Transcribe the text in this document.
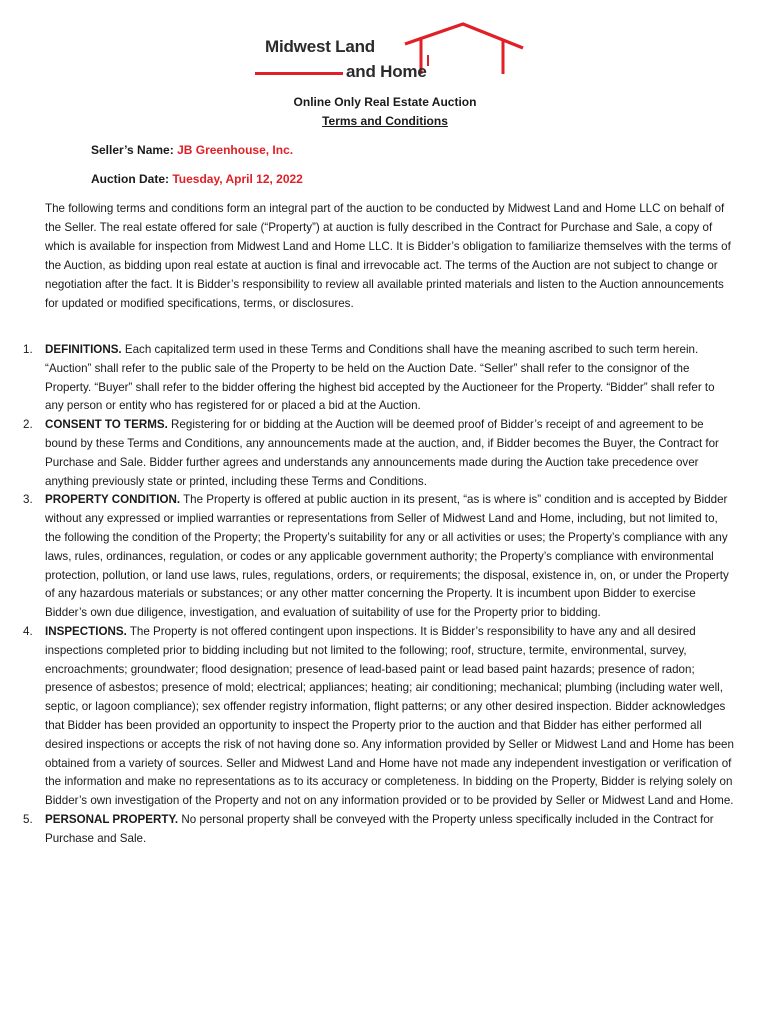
Midwest Land
and Home
Online Only Real Estate Auction
Terms and Conditions
Seller’s Name: JB Greenhouse, Inc.
Auction Date: Tuesday, April 12, 2022

The following terms and conditions form an integral part of the auction to be conducted by Midwest Land and Home LLC on behalf of the Seller. The real estate offered for sale (“Property”) at auction is fully described in the Contract for Purchase and Sale, a copy of which is available for inspection from Midwest Land and Home LLC. It is Bidder’s obligation to familiarize themselves with the terms of the Auction, as bidding upon real estate at auction is final and irrevocable act. The terms of the Auction are not subject to change or negotiation after the fact. It is Bidder’s responsibility to review all available printed materials and listen to the Auction announcements for updated or modified specifications, terms, or disclosures.

1. DEFINITIONS. Each capitalized term used in these Terms and Conditions shall have the meaning ascribed to such term herein. “Auction” shall refer to the public sale of the Property to be held on the Auction Date. “Seller” shall refer to the consignor of the Property. “Buyer” shall refer to the bidder offering the highest bid accepted by the Auctioneer for the Property. “Bidder” shall refer to any person or entity who has registered for or placed a bid at the Auction.
2. CONSENT TO TERMS. Registering for or bidding at the Auction will be deemed proof of Bidder’s receipt of and agreement to be bound by these Terms and Conditions, any announcements made at the auction, and, if Bidder becomes the Buyer, the Contract for Purchase and Sale. Bidder further agrees and understands any announcements made during the Auction take precedence over anything previously state or printed, including these Terms and Conditions.
3. PROPERTY CONDITION. The Property is offered at public auction in its present, “as is where is” condition and is accepted by Bidder without any expressed or implied warranties or representations from Seller of Midwest Land and Home, including, but not limited to, the following the condition of the Property; the Property’s suitability for any or all activities or uses; the Property’s compliance with any laws, rules, ordinances, regulation, or codes or any applicable government authority; the Property’s compliance with environmental protection, pollution, or land use laws, rules, regulations, orders, or requirements; the disposal, existence in, on, or under the Property of any hazardous materials or substances; or any other matter concerning the Property. It is incumbent upon Bidder to exercise Bidder’s own due diligence, investigation, and evaluation of suitability of use for the Property prior to bidding.
4. INSPECTIONS. The Property is not offered contingent upon inspections. It is Bidder’s responsibility to have any and all desired inspections completed prior to bidding including but not limited to the following; roof, structure, termite, environmental, survey, encroachments; groundwater; flood designation; presence of lead-based paint or lead based paint hazards; presence of radon; presence of asbestos; presence of mold; electrical; appliances; heating; air conditioning; mechanical; plumbing (including water well, septic, or lagoon compliance); sex offender registry information, flight patterns; or any other desired inspection. Bidder acknowledges that Bidder has been provided an opportunity to inspect the Property prior to the auction and that Bidder has either performed all desired inspections or accepts the risk of not having done so. Any information provided by Seller or Midwest Land and Home has been obtained from a variety of sources. Seller and Midwest Land and Home have not made any independent investigation or verification of the information and make no representations as to its accuracy or completeness. In bidding on the Property, Bidder is relying solely on Bidder’s own investigation of the Property and not on any information provided or to be provided by Seller or Midwest Land and Home.
5. PERSONAL PROPERTY. No personal property shall be conveyed with the Property unless specifically included in the Contract for Purchase and Sale.
